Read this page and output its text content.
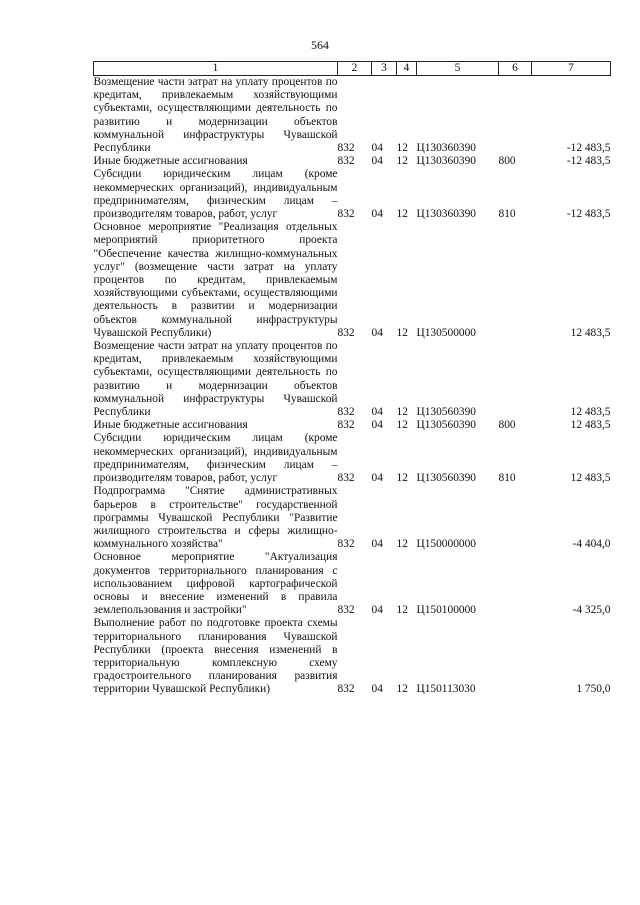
564
1	2	3	4	5	6	7
Возмещение части затрат на уплату процентов по кредитам, привлекаемым хозяйствующими субъектами, осуществляющими деятельность по развитию и модернизации объектов коммунальной инфраструктуры Чувашской Республики	832	04	12	Ц130360390		-12 483,5
Иные бюджетные ассигнования	832	04	12	Ц130360390	800	-12 483,5
Субсидии юридическим лицам (кроме некоммерческих организаций), индивидуальным предпринимателям, физическим лицам – производителям товаров, работ, услуг	832	04	12	Ц130360390	810	-12 483,5
Основное мероприятие "Реализация отдельных мероприятий приоритетного проекта "Обеспечение качества жилищно-коммунальных услуг" (возмещение части затрат на уплату процентов по кредитам, привлекаемым хозяйствующими субъектами, осуществляющими деятельность в развитии и модернизации объектов коммунальной инфраструктуры Чувашской Республики)	832	04	12	Ц130500000		12 483,5
Возмещение части затрат на уплату процентов по кредитам, привлекаемым хозяйствующими субъектами, осуществляющими деятельность по развитию и модернизации объектов коммунальной инфраструктуры Чувашской Республики	832	04	12	Ц130560390		12 483,5
Иные бюджетные ассигнования	832	04	12	Ц130560390	800	12 483,5
Субсидии юридическим лицам (кроме некоммерческих организаций), индивидуальным предпринимателям, физическим лицам – производителям товаров, работ, услуг	832	04	12	Ц130560390	810	12 483,5
Подпрограмма "Снятие административных барьеров в строительстве" государственной программы Чувашской Республики "Развитие жилищного строительства и сферы жилищно-коммунального хозяйства"	832	04	12	Ц150000000		-4 404,0
Основное мероприятие "Актуализация документов территориального планирования с использованием цифровой картографической основы и внесение изменений в правила землепользования и застройки"	832	04	12	Ц150100000		-4 325,0
Выполнение работ по подготовке проекта схемы территориального планирования Чувашской Республики (проекта внесения изменений в территориальную комплексную схему градостроительного планирования развития территории Чувашской Республики)	832	04	12	Ц150113030		1 750,0
